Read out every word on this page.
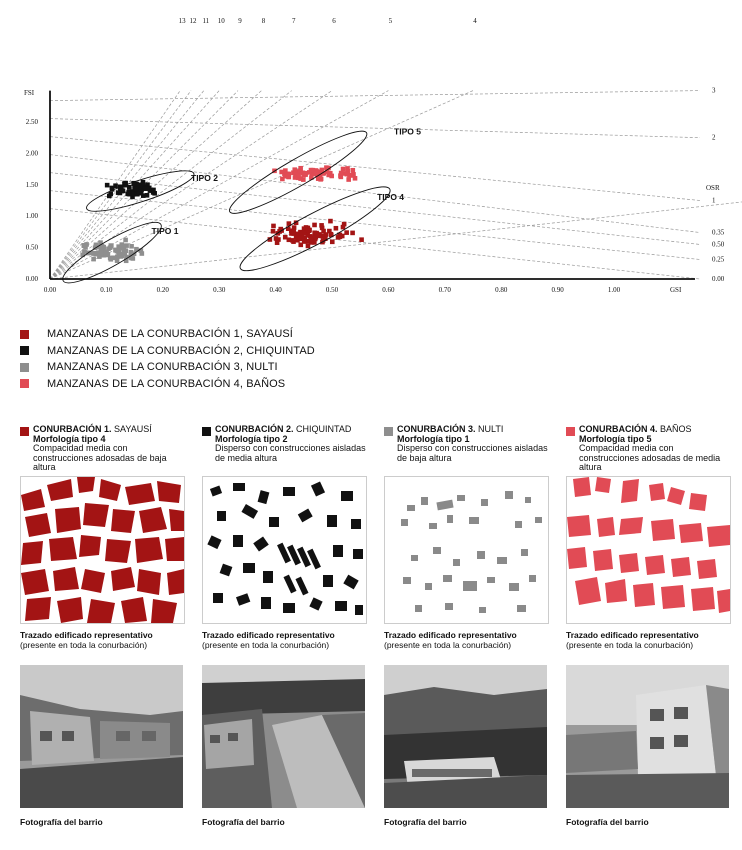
TIPO 1
TIPO 2
TIPO 4
TIPO 5
13 12 11 10 9	8	7	6	5	4
0.00
0.25
0.50
0.35
1
2
3
0.00	0.10	0.20	0.30	0.40	0.50	0.60	0.70	0.80	0.90	1.00
0.00
0.50
1.00
1.50
2.00
2.50
GSI
FSI
OSR
MANZANAS DE LA CONURBACIÓN 1, SAYAUSÍ
MANZANAS DE LA CONURBACIÓN 2, CHIQUINTAD
MANZANAS DE LA CONURBACIÓN 3, NULTI
MANZANAS DE LA CONURBACIÓN 4, BAÑOS
CONURBACIÓN 1. SAYAUSÍ
Morfología tipo 4
Compacidad media con construcciones adosadas de baja altura
Trazado edificado representativo
(presente en toda la conurbación)
Fotografía del barrio
CONURBACIÓN 2. CHIQUINTAD
Morfología tipo 2
Disperso con construcciones aisladas de media altura
Trazado edificado representativo
(presente en toda la conurbación)
Fotografía del barrio
CONURBACIÓN 3. NULTI
Morfología tipo 1
Disperso con construcciones aisladas de baja altura
Trazado edificado representativo
(presente en toda la conurbación)
Fotografía del barrio
CONURBACIÓN 4. BAÑOS
Morfología tipo 5
Compacidad media con construcciones adosadas de media altura
Trazado edificado representativo
(presente en toda la conurbación)
Fotografía del barrio
